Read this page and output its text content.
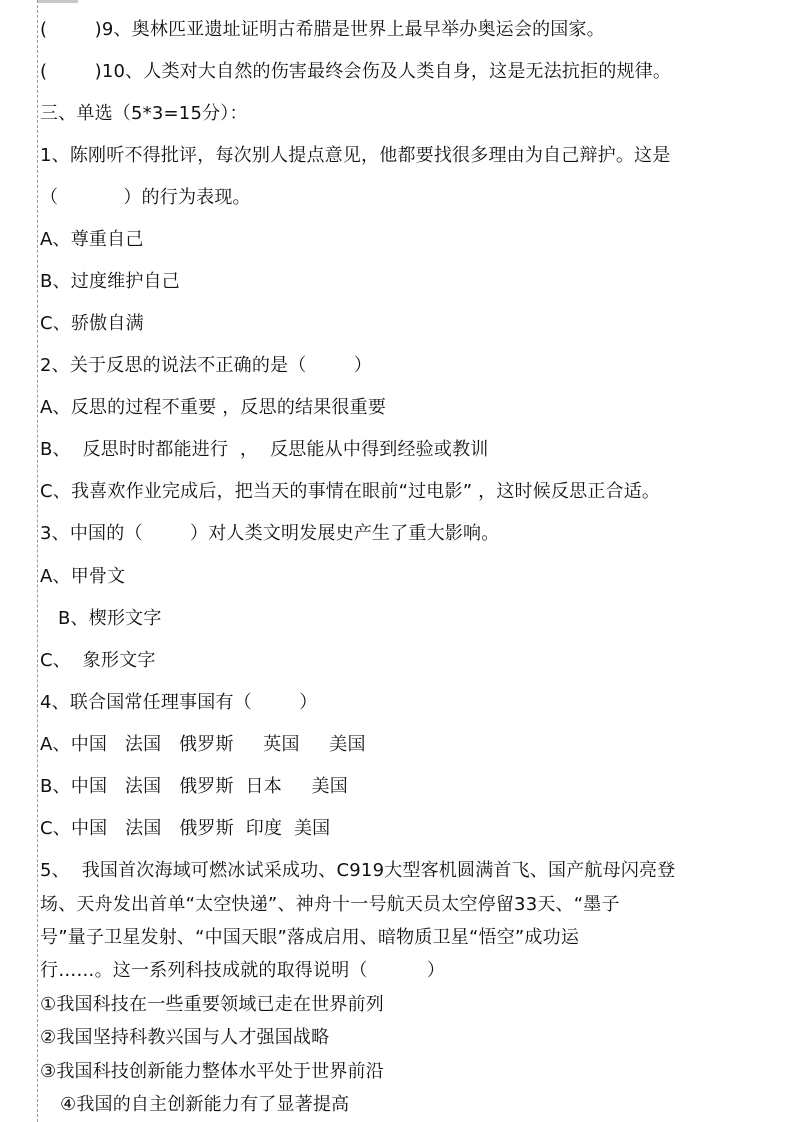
(        )9、奥林匹亚遗址证明古希腊是世界上最早举办奥运会的国家。
(        )10、人类对大自然的伤害最终会伤及人类自身，这是无法抗拒的规律。
三、单选（5*3=15分）：
1、陈刚听不得批评，每次别人提点意见，他都要找很多理由为自己辩护。这是
（           ）的行为表现。
A、尊重自己
B、过度维护自己
C、骄傲自满
2、关于反思的说法不正确的是（        ）
A、反思的过程不重要 ，反思的结果很重要
B、  反思时时都能进行  ，  反思能从中得到经验或教训
C、我喜欢作业完成后，把当天的事情在眼前“过电影” ，这时候反思正合适。
3、中国的（        ）对人类文明发展史产生了重大影响。
A、甲骨文
B、楔形文字
C、  象形文字
4、联合国常任理事国有（        ）
A、中国   法国   俄罗斯     英国     美国
B、中国   法国   俄罗斯  日本     美国
C、中国   法国   俄罗斯  印度  美国
5、  我国首次海域可燃冰试采成功、C919大型客机圆满首飞、国产航母闪亮登
场、天舟发出首单“太空快递”、神舟十一号航天员太空停留33天、“墨子
号”量子卫星发射、“中国天眼”落成启用、暗物质卫星“悟空”成功运
行……。这一系列科技成就的取得说明（          ）
①我国科技在一些重要领域已走在世界前列
②我国坚持科教兴国与人才强国战略
③我国科技创新能力整体水平处于世界前沿
④我国的自主创新能力有了显著提高
